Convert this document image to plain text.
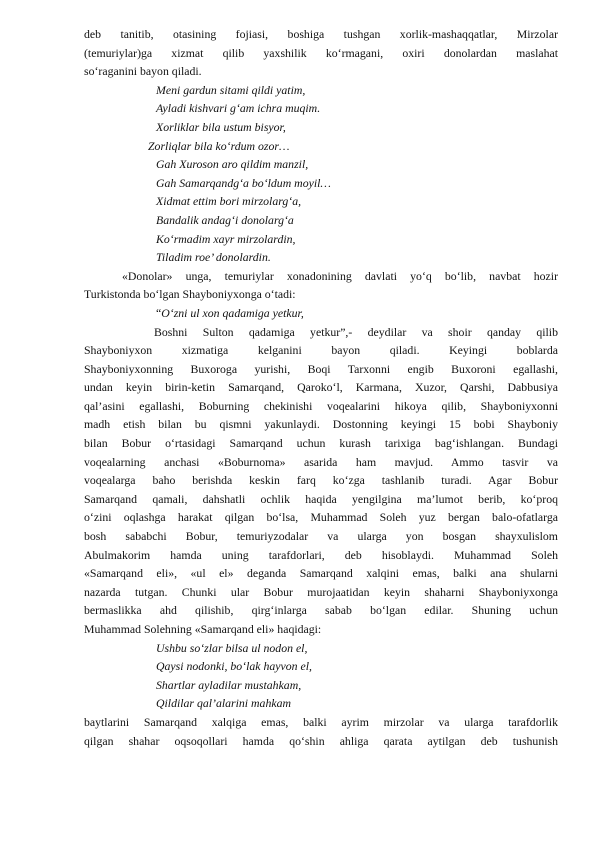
deb tanitib, otasining fojiasi, boshiga tushgan xorlik-mashaqqatlar, Mirzolar

(temuriylar)ga xizmat qilib yaxshilik ko‘rmagani, oxiri donolardan maslahat

so‘raganini bayon qiladi.

Meni gardun sitami qildi yatim,

Ayladi kishvari g‘am ichra muqim.

Xorliklar bila ustum bisyor,

Zorliqlar bila ko‘rdum ozor…

Gah Xuroson aro qildim manzil,

Gah Samarqandg‘a bo‘ldum moyil…

Xidmat ettim bori mirzolarg‘a,

Bandalik andag‘i donolarg‘a

Ko‘rmadim xayr mirzolardin,

Tiladim roe’ donolardin.

«Donolar» unga, temuriylar xonadonining davlati yo‘q bo‘lib, navbat hozir

Turkistonda bo‘lgan Shayboniyxonga o‘tadi:

“O‘zni ul xon qadamiga yetkur,

Boshni Sulton qadamiga yetkur”,- deydilar va shoir qanday qilib

Shayboniyxon xizmatiga kelganini bayon qiladi. Keyingi boblarda

Shayboniyxonning Buxoroga yurishi, Boqi Tarxonni engib Buxoroni egallashi,

undan keyin birin-ketin Samarqand, Qarokо‘l, Karmana, Xuzor, Qarshi, Dabbusiya

qal’asini egallashi, Boburning chekinishi voqealarini hikoya qilib, Shayboniyxonni

madh etish bilan bu qismni yakunlaydi. Dostonning keyingi 15 bobi Shayboniy

bilan Bobur o‘rtasidagi Samarqand uchun kurash tarixiga bag‘ishlangan. Bundagi

voqealarning anchasi «Boburnoma» asarida ham mavjud. Ammo tasvir va

voqealarga baho berishda keskin farq ko‘zga tashlanib turadi. Agar Bobur

Samarqand qamali, dahshatli ochlik haqida yengilgina ma’lumot berib, ko‘proq

o‘zini oqlashga harakat qilgan bo‘lsa, Muhammad Soleh yuz bergan balo-ofatlarga

bosh sababchi Bobur, temuriyzodalar va ularga yon bosgan shayxulislom

Abulmakorim hamda uning tarafdorlari, deb hisoblaydi. Muhammad Soleh

«Samarqand eli», «ul el» deganda Samarqand xalqini emas, balki ana shularni

nazarda tutgan. Chunki ular Bobur murojaatidan keyin shaharni Shayboniyxonga

bermaslikka ahd qilishib, qirg‘inlarga sabab bo‘lgan edilar. Shuning uchun

Muhammad Solehning «Samarqand eli» haqidagi:

Ushbu so‘zlar bilsa ul nodon el,

Qaysi nodonki, bo‘lak hayvon el,

Shartlar ayladilar mustahkam,

Qildilar qal’alarini mahkam

baytlarini Samarqand xalqiga emas, balki ayrim mirzolar va ularga tarafdorlik

qilgan shahar oqsoqollari hamda qo‘shin ahliga qarata aytilgan deb tushunish
